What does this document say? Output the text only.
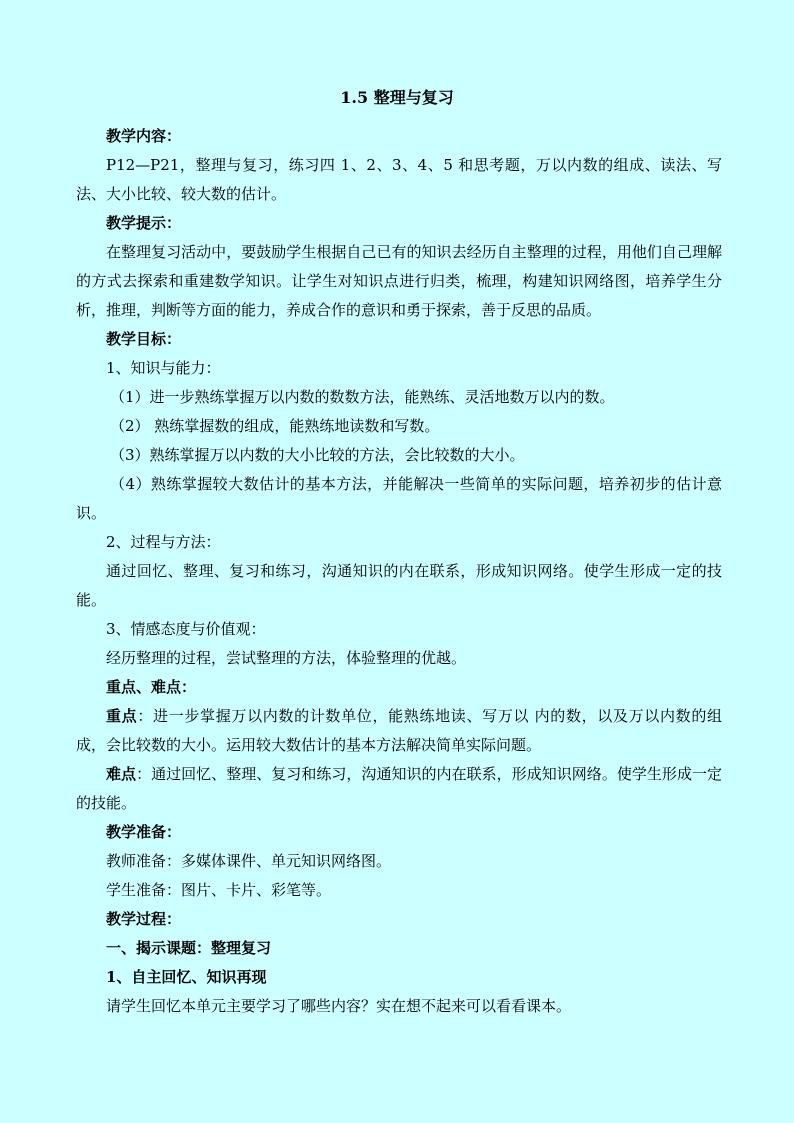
1.5 整理与复习

教学内容：

P12—P21，整理与复习，练习四 1、2、3、4、5 和思考题，万以内数的组成、读法、写法、大小比较、较大数的估计。

教学提示：

在整理复习活动中，要鼓励学生根据自己已有的知识去经历自主整理的过程，用他们自己理解的方式去探索和重建数学知识。让学生对知识点进行归类，梳理，构建知识网络图，培养学生分析，推理，判断等方面的能力，养成合作的意识和勇于探索，善于反思的品质。

教学目标：

1、知识与能力：

（1）进一步熟练掌握万以内数的数数方法，能熟练、灵活地数万以内的数。

（2） 熟练掌握数的组成，能熟练地读数和写数。

（3）熟练掌握万以内数的大小比较的方法，会比较数的大小。

（4）熟练掌握较大数估计的基本方法，并能解决一些简单的实际问题，培养初步的估计意识。

2、过程与方法：

通过回忆、整理、复习和练习，沟通知识的内在联系，形成知识网络。使学生形成一定的技能。

3、情感态度与价值观：

经历整理的过程，尝试整理的方法，体验整理的优越。

重点、难点：

重点：进一步掌握万以内数的计数单位，能熟练地读、写万以 内的数，以及万以内数的组成，会比较数的大小。运用较大数估计的基本方法解决简单实际问题。

难点：通过回忆、整理、复习和练习，沟通知识的内在联系，形成知识网络。使学生形成一定的技能。

教学准备：

教师准备：多媒体课件、单元知识网络图。

学生准备：图片、卡片、彩笔等。

教学过程：

一、揭示课题：整理复习

1、自主回忆、知识再现

请学生回忆本单元主要学习了哪些内容？实在想不起来可以看看课本。
